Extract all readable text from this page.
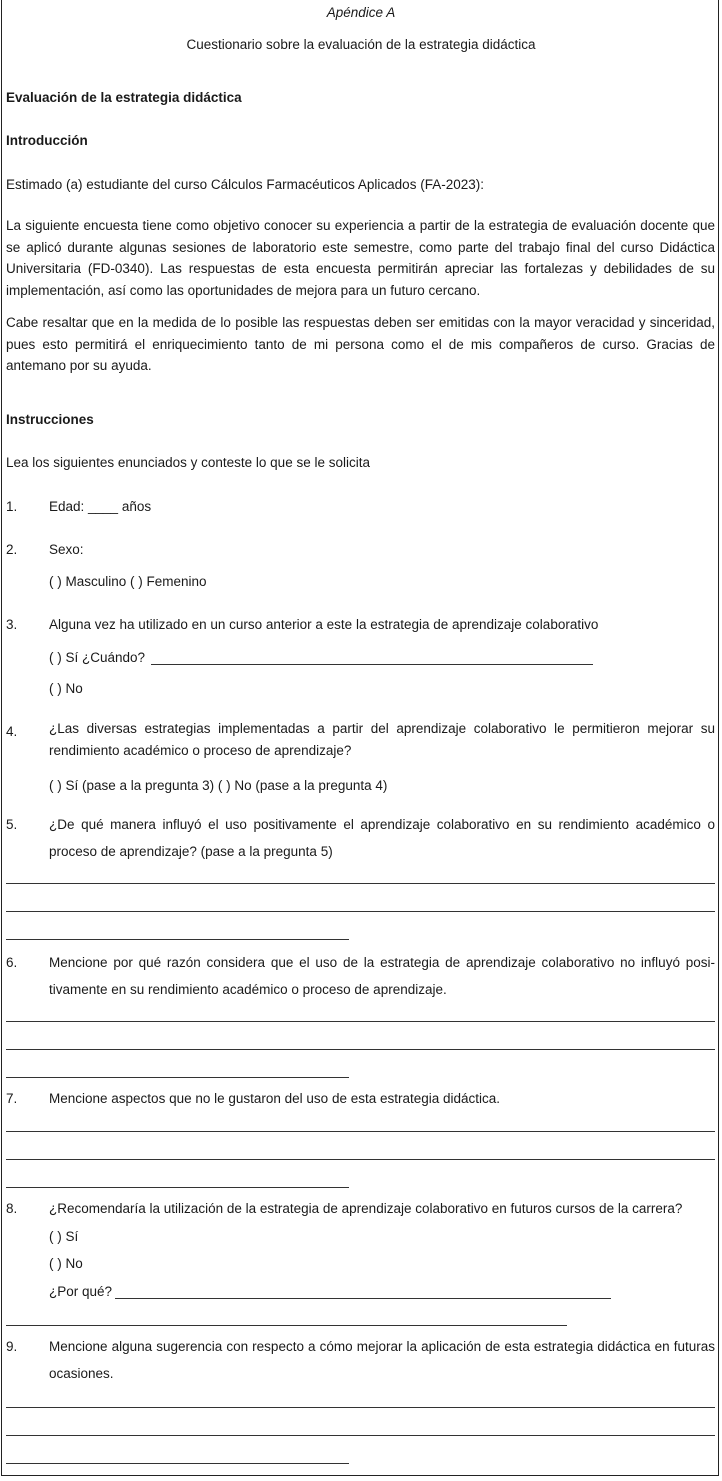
Apéndice A
Cuestionario sobre la evaluación de la estrategia didáctica
Evaluación de la estrategia didáctica
Introducción
Estimado (a) estudiante del curso Cálculos Farmacéuticos Aplicados (FA-2023):

La siguiente encuesta tiene como objetivo conocer su experiencia a partir de la estrategia de evaluación docente que se aplicó durante algunas sesiones de laboratorio este semestre, como parte del trabajo final del curso Didáctica Universitaria (FD-0340). Las respuestas de esta encuesta permitirán apreciar las fortalezas y debilidades de su implementación, así como las oportunidades de mejora para un futuro cercano.

Cabe resaltar que en la medida de lo posible las respuestas deben ser emitidas con la mayor veracidad y sinceridad, pues esto permitirá el enriquecimiento tanto de mi persona como el de mis compañeros de curso. Gracias de antemano por su ayuda.

Instrucciones
Lea los siguientes enunciados y conteste lo que se le solicita
1. Edad: ____ años
2. Sexo:
( ) Masculino ( ) Femenino
3. Alguna vez ha utilizado en un curso anterior a este la estrategia de aprendizaje colaborativo
( ) Sí ¿Cuándo?
( ) No
4. ¿Las diversas estrategias implementadas a partir del aprendizaje colaborativo le permitieron mejorar su rendimiento académico o proceso de aprendizaje?

( ) Sí (pase a la pregunta 3) ( ) No (pase a la pregunta 4)
5. ¿De qué manera influyó el uso positivamente el aprendizaje colaborativo en su rendimiento académico o proceso de aprendizaje? (pase a la pregunta 5)

6. Mencione por qué razón considera que el uso de la estrategia de aprendizaje colaborativo no influyó posi-tivamente en su rendimiento académico o proceso de aprendizaje.

7. Mencione aspectos que no le gustaron del uso de esta estrategia didáctica.
8. ¿Recomendaría la utilización de la estrategia de aprendizaje colaborativo en futuros cursos de la carrera?
( ) Sí
( ) No
¿Por qué?
9. Mencione alguna sugerencia con respecto a cómo mejorar la aplicación de esta estrategia didáctica en futuras ocasiones.
